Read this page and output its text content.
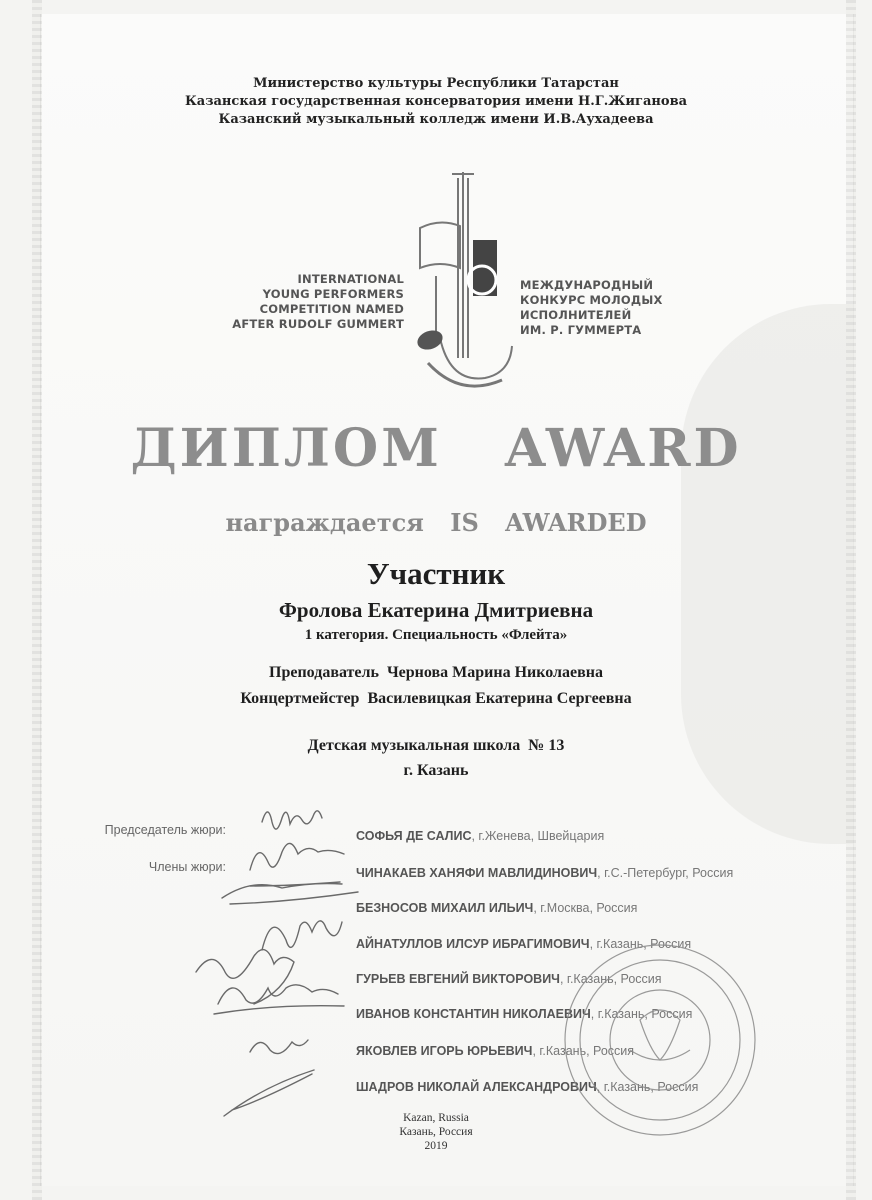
Министерство культуры Республики Татарстан
Казанская государственная консерватория имени Н.Г.Жиганова
Казанский музыкальный колледж имени И.В.Аухадеева
INTERNATIONAL
YOUNG PERFORMERS
COMPETITION NAMED
AFTER RUDOLF GUMMERT
МЕЖДУНАРОДНЫЙ
КОНКУРС МОЛОДЫХ
ИСПОЛНИТЕЛЕЙ
ИМ. Р. ГУММЕРТА
ДИПЛОМ   AWARD
награждается IS AWARDED
Участник
Фролова Екатерина Дмитриевна
1 категория. Специальность «Флейта»
Преподаватель  Чернова Марина Николаевна
Концертмейстер  Василевицкая Екатерина Сергеевна
Детская музыкальная школа  № 13
г. Казань
Председатель жюри:
Члены жюри:
СОФЬЯ ДЕ САЛИС, г.Женева, Швейцария
ЧИНАКАЕВ ХАНЯФИ МАВЛИДИНОВИЧ, г.С.-Петербург, Россия
БЕЗНОСОВ МИХАИЛ ИЛЬИЧ, г.Москва, Россия
АЙНАТУЛЛОВ ИЛСУР ИБРАГИМОВИЧ, г.Казань, Россия
ГУРЬЕВ ЕВГЕНИЙ ВИКТОРОВИЧ, г.Казань, Россия
ИВАНОВ КОНСТАНТИН НИКОЛАЕВИЧ, г.Казань, Россия
ЯКОВЛЕВ ИГОРЬ ЮРЬЕВИЧ, г.Казань, Россия
ШАДРОВ НИКОЛАЙ АЛЕКСАНДРОВИЧ, г.Казань, Россия
Kazan, Russia
Казань, Россия
2019
